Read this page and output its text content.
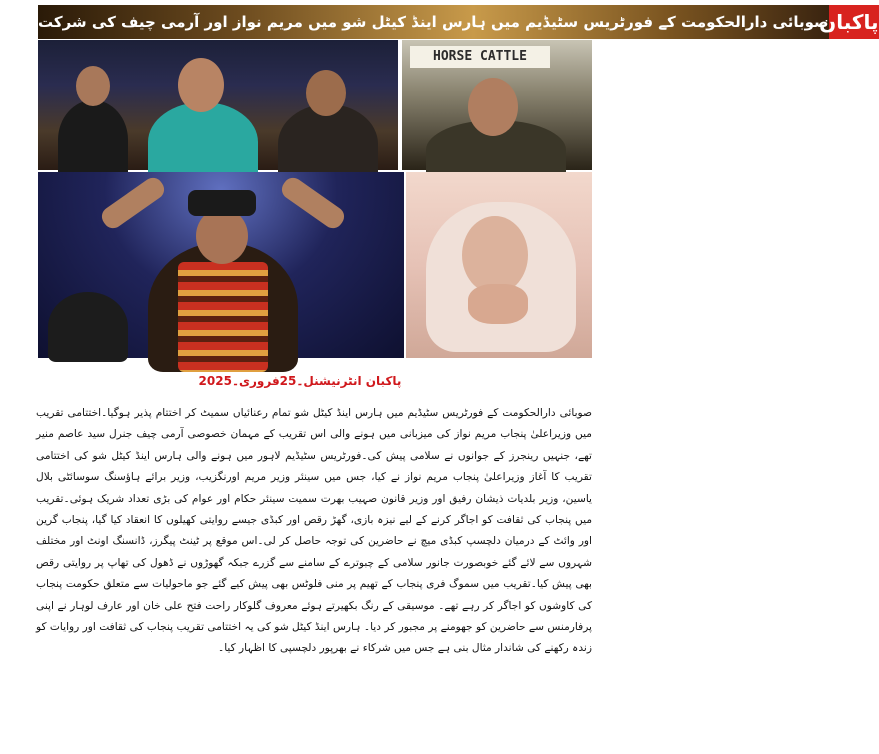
صوبائی دارالحکومت کے فورٹریس سٹیڈیم میں ہارس اینڈ کیٹل شو میں مریم نواز اور آرمی چیف کی شرکت
پاکبان
HORSE CATTLE
پاکبان انٹرنیشنل۔25فروری۔2025

صوبائی دارالحکومت کے فورٹریس سٹیڈیم میں ہارس اینڈ کیٹل شو تمام رعنائیاں سمیٹ کر اختتام پذیر ہوگیا۔اختتامی تقریب میں وزیراعلیٰ پنجاب مریم نواز کی میزبانی میں ہونے والی اس تقریب کے مہمان خصوصی آرمی چیف جنرل سید عاصم منیر تھے، جنہیں رینجرز کے جوانوں نے سلامی پیش کی۔فورٹریس سٹیڈیم لاہور میں ہونے والی ہارس اینڈ کیٹل شو کی اختتامی تقریب کا آغاز وزیراعلیٰ پنجاب مریم نواز نے کیا، جس میں سینئر وزیر مریم اورنگزیب، وزیر برائے ہاؤسنگ سوسائٹی بلال یاسین، وزیر بلدیات ذیشان رفیق اور وزیر قانون صہیب بھرت سمیت سینئر حکام اور عوام کی بڑی تعداد شریک ہوئی۔تقریب میں پنجاب کی ثقافت کو اجاگر کرنے کے لیے نیزہ بازی، گھڑ رقص اور کبڈی جیسے روایتی کھیلوں کا انعقاد کیا گیا، پنجاب گرین اور وائٹ کے درمیان دلچسپ کبڈی میچ نے حاضرین کی توجہ حاصل کر لی۔اس موقع پر ٹینٹ پیگرز، ڈانسنگ اونٹ اور مختلف شہروں سے لائے گئے خوبصورت جانور سلامی کے چبوترے کے سامنے سے گزرے جبکہ گھوڑوں نے ڈھول کی تھاپ پر روایتی رقص بھی پیش کیا۔تقریب میں سموگ فری پنجاب کے تھیم پر منی فلوٹس بھی پیش کیے گئے جو ماحولیات سے متعلق حکومت پنجاب کی کاوشوں کو اجاگر کر رہے تھے۔ موسیقی کے رنگ بکھیرتے ہوئے معروف گلوکار راحت فتح علی خان اور عارف لوہار نے اپنی پرفارمنس سے حاضرین کو جھومنے پر مجبور کر دیا۔ ہارس اینڈ کیٹل شو کی یہ اختتامی تقریب پنجاب کی ثقافت اور روایات کو زندہ رکھنے کی شاندار مثال بنی ہے جس میں شرکاء نے بھرپور دلچسپی کا اظہار کیا۔
